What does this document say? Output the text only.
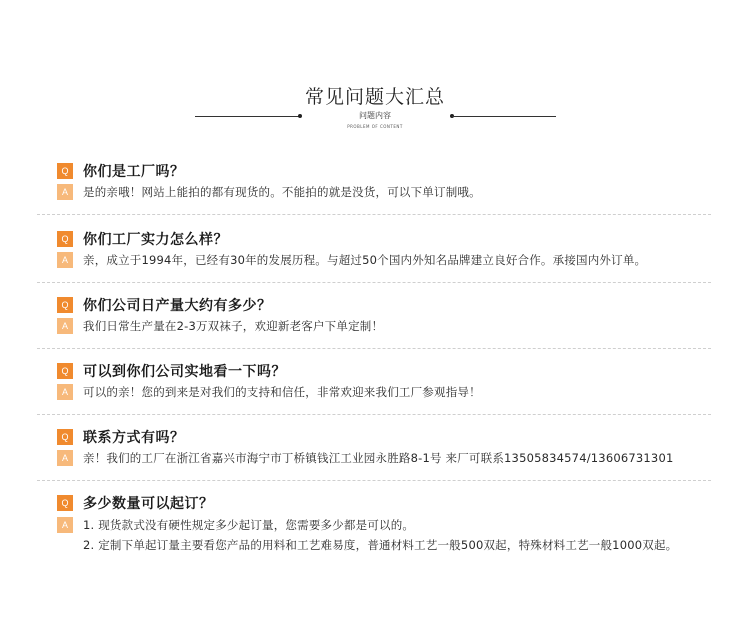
常见问题大汇总
问题内容
PROBLEM OF CONTENT
Q	你们是工厂吗？
A	是的亲哦！网站上能拍的都有现货的。不能拍的就是没货，可以下单订制哦。
Q	你们工厂实力怎么样？
A	亲，成立于1994年，已经有30年的发展历程。与超过50个国内外知名品牌建立良好合作。承接国内外订单。
Q	你们公司日产量大约有多少？
A	我们日常生产量在2-3万双袜子，欢迎新老客户下单定制！
Q	可以到你们公司实地看一下吗？
A	可以的亲！您的到来是对我们的支持和信任，非常欢迎来我们工厂参观指导！
Q	联系方式有吗？
A	亲！我们的工厂在浙江省嘉兴市海宁市丁桥镇钱江工业园永胜路8-1号 来厂可联系13505834574/13606731301
Q	多少数量可以起订？
A	1. 现货款式没有硬性规定多少起订量，您需要多少都是可以的。
2. 定制下单起订量主要看您产品的用料和工艺难易度，普通材料工艺一般500双起，特殊材料工艺一般1000双起。
